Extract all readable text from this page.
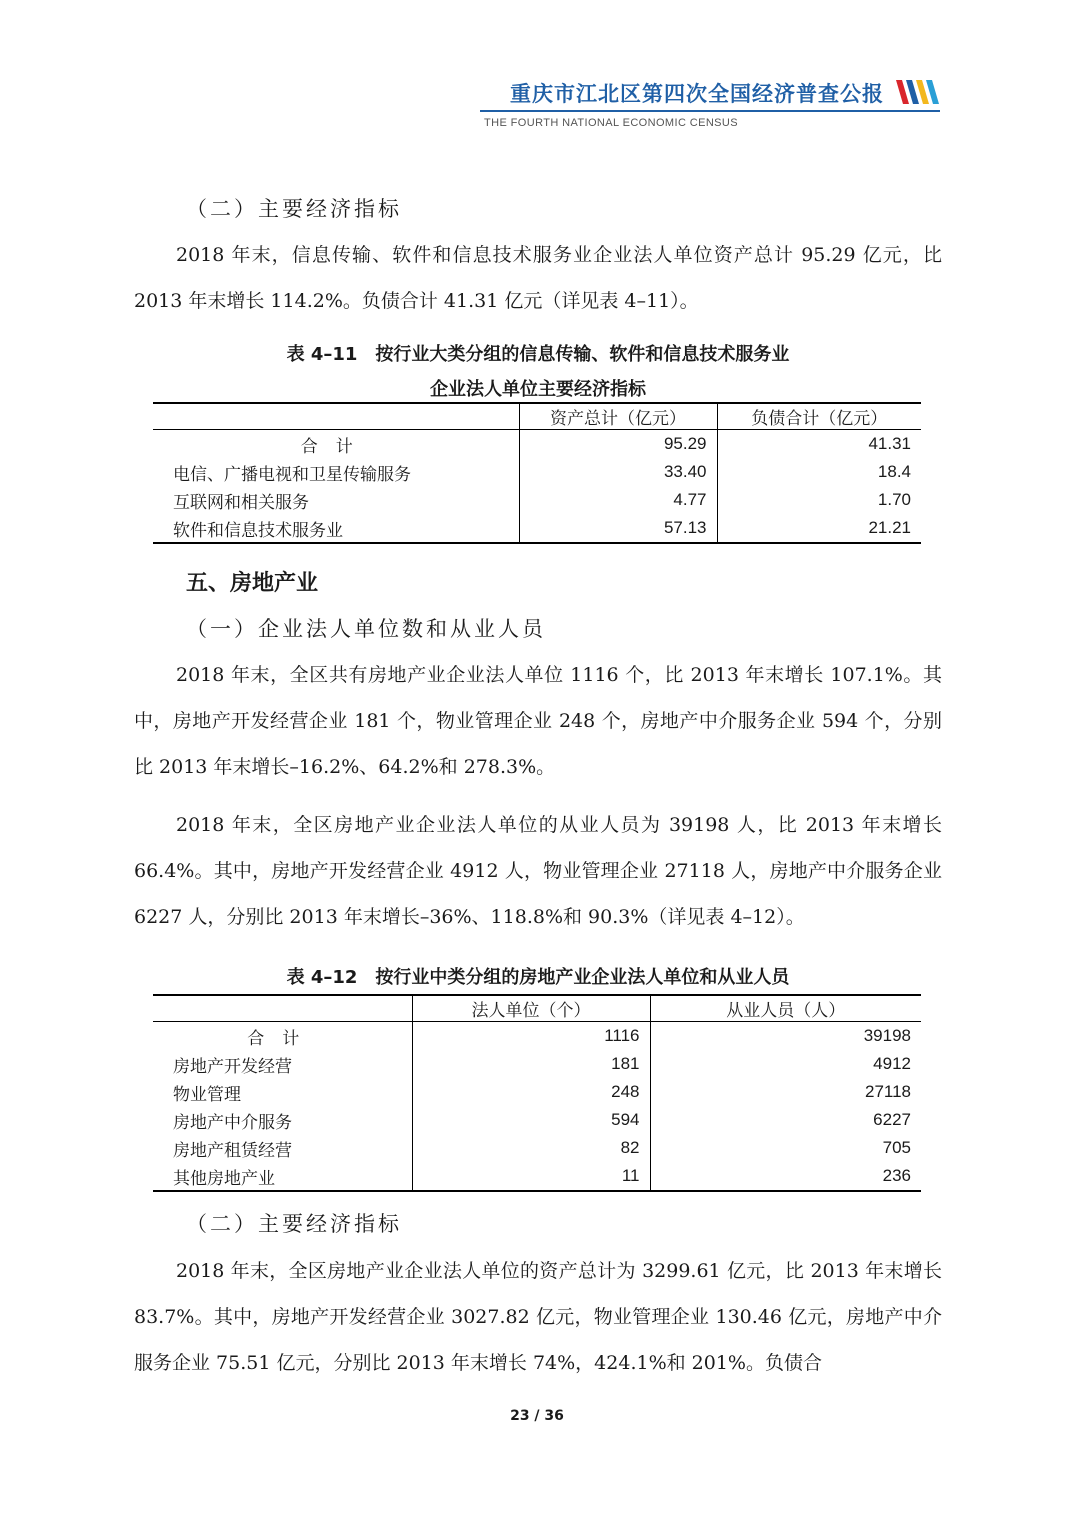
重庆市江北区第四次全国经济普查公报
THE FOURTH NATIONAL ECONOMIC CENSUS
（二）主要经济指标

2018 年末，信息传输、软件和信息技术服务业企业法人单位资产总计 95.29 亿元，比 2013 年末增长 114.2%。负债合计 41.31 亿元（详见表 4–11）。

表 4–11　按行业大类分组的信息传输、软件和信息技术服务业
企业法人单位主要经济指标
	资产总计（亿元）	负债合计（亿元）
合计	95.29	41.31
电信、广播电视和卫星传输服务	33.40	18.4
互联网和相关服务	4.77	1.70
软件和信息技术服务业	57.13	21.21
五、房地产业
（一）企业法人单位数和从业人员

2018 年末，全区共有房地产业企业法人单位 1116 个，比 2013 年末增长 107.1%。其中，房地产开发经营企业 181 个，物业管理企业 248 个，房地产中介服务企业 594 个，分别比 2013 年末增长–16.2%、64.2%和 278.3%。

2018 年末，全区房地产业企业法人单位的从业人员为 39198 人，比 2013 年末增长 66.4%。其中，房地产开发经营企业 4912 人，物业管理企业 27118 人，房地产中介服务企业 6227 人，分别比 2013 年末增长–36%、118.8%和 90.3%（详见表 4–12）。

表 4–12　按行业中类分组的房地产业企业法人单位和从业人员
	法人单位（个）	从业人员（人）
合计	1116	39198
房地产开发经营	181	4912
物业管理	248	27118
房地产中介服务	594	6227
房地产租赁经营	82	705
其他房地产业	11	236
（二）主要经济指标

2018 年末，全区房地产业企业法人单位的资产总计为 3299.61 亿元，比 2013 年末增长 83.7%。其中，房地产开发经营企业 3027.82 亿元，物业管理企业 130.46 亿元，房地产中介服务企业 75.51 亿元，分别比 2013 年末增长 74%，424.1%和 201%。负债合

23 / 36
